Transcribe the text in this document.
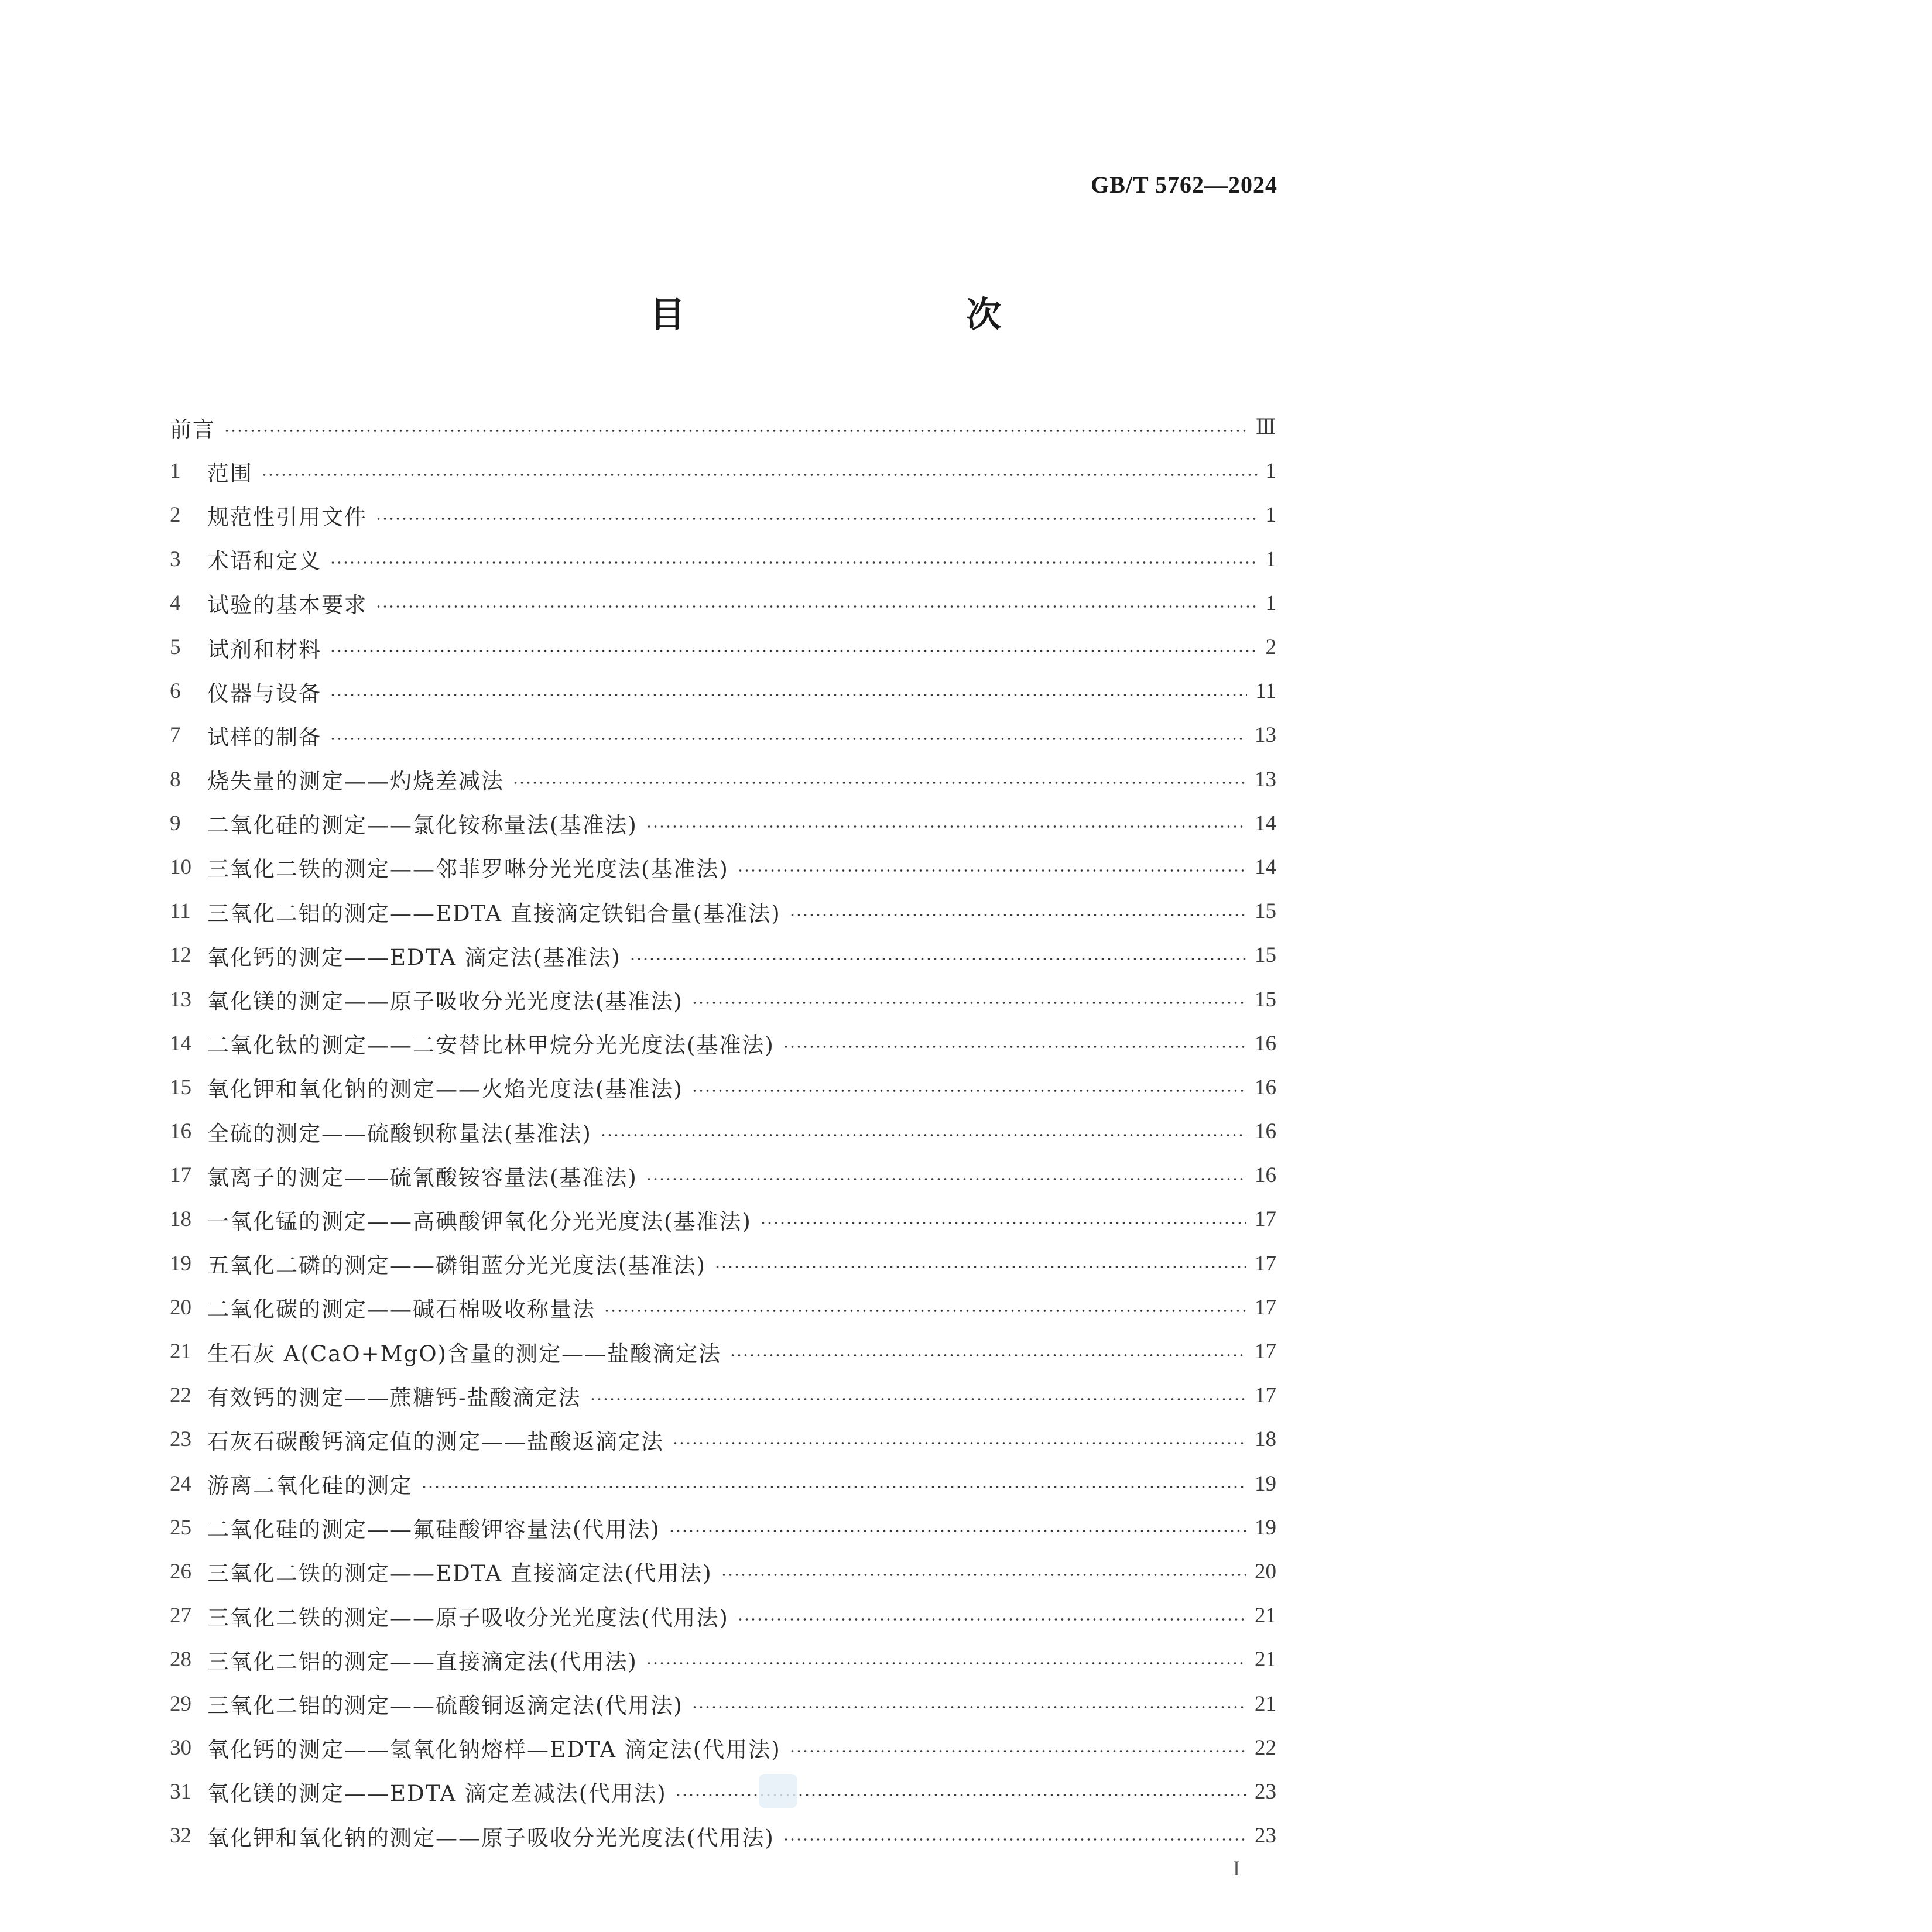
GB/T 5762—2024
目　　次
前言	Ⅲ
1	范围	1
2	规范性引用文件	1
3	术语和定义	1
4	试验的基本要求	1
5	试剂和材料	2
6	仪器与设备	11
7	试样的制备	13
8	烧失量的测定——灼烧差减法	13
9	二氧化硅的测定——氯化铵称量法(基准法)	14
10 三氧化二铁的测定——邻菲罗啉分光光度法(基准法)	14
11 三氧化二铝的测定——EDTA 直接滴定铁铝合量(基准法)	15
12 氧化钙的测定——EDTA 滴定法(基准法)	15
13 氧化镁的测定——原子吸收分光光度法(基准法)	15
14 二氧化钛的测定——二安替比林甲烷分光光度法(基准法)	16
15 氧化钾和氧化钠的测定——火焰光度法(基准法)	16
16 全硫的测定——硫酸钡称量法(基准法)	16
17 氯离子的测定——硫氰酸铵容量法(基准法)	16
18 一氧化锰的测定——高碘酸钾氧化分光光度法(基准法)	17
19 五氧化二磷的测定——磷钼蓝分光光度法(基准法)	17
20 二氧化碳的测定——碱石棉吸收称量法	17
21 生石灰 A(CaO+MgO)含量的测定——盐酸滴定法	17
22 有效钙的测定——蔗糖钙-盐酸滴定法	17
23 石灰石碳酸钙滴定值的测定——盐酸返滴定法	18
24 游离二氧化硅的测定	19
25 二氧化硅的测定——氟硅酸钾容量法(代用法)	19
26 三氧化二铁的测定——EDTA 直接滴定法(代用法)	20
27 三氧化二铁的测定——原子吸收分光光度法(代用法)	21
28 三氧化二铝的测定——直接滴定法(代用法)	21
29 三氧化二铝的测定——硫酸铜返滴定法(代用法)	21
30 氧化钙的测定——氢氧化钠熔样—EDTA 滴定法(代用法)	22
31 氧化镁的测定——EDTA 滴定差减法(代用法)	23
32 氧化钾和氧化钠的测定——原子吸收分光光度法(代用法)	23
I
